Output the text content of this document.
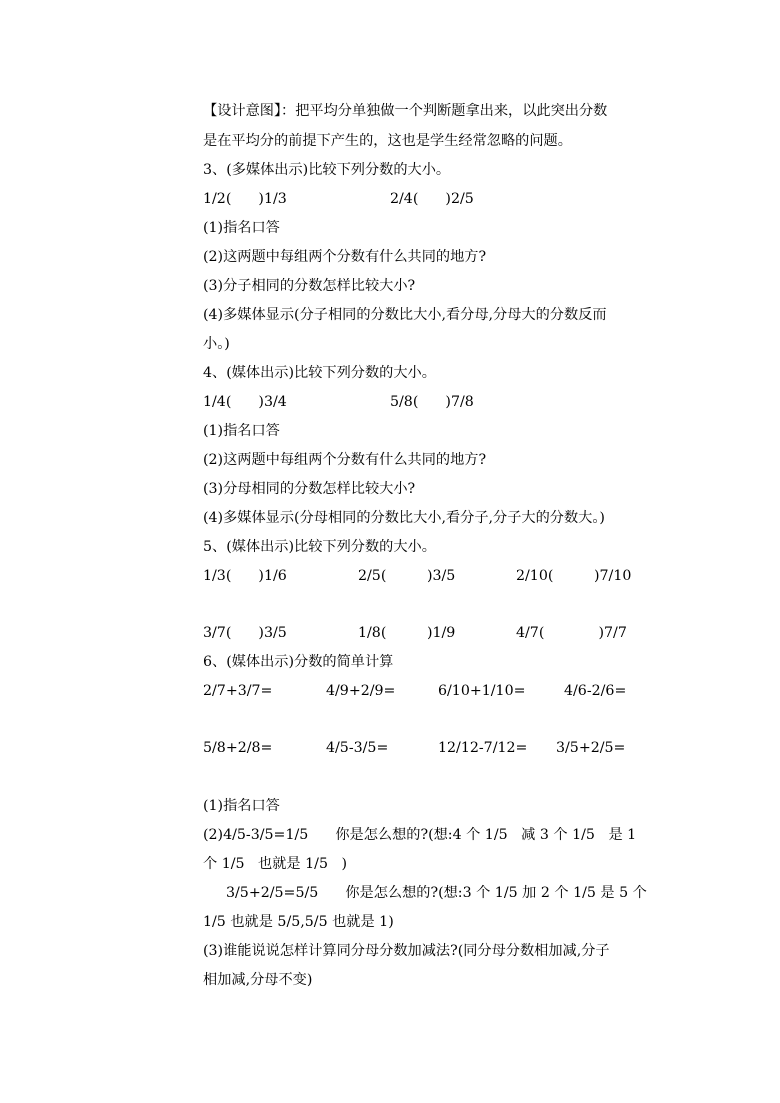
【设计意图】：把平均分单独做一个判断题拿出来，以此突出分数
是在平均分的前提下产生的，这也是学生经常忽略的问题。
3、(多媒体出示)比较下列分数的大小。
1/2(      )1/3	2/4(      )2/5
(1)指名口答
(2)这两题中每组两个分数有什么共同的地方?
(3)分子相同的分数怎样比较大小?
(4)多媒体显示(分子相同的分数比大小,看分母,分母大的分数反而
小。)
4、(媒体出示)比较下列分数的大小。
1/4(      )3/4	5/8(      )7/8
(1)指名口答
(2)这两题中每组两个分数有什么共同的地方?
(3)分母相同的分数怎样比较大小?
(4)多媒体显示(分母相同的分数比大小,看分子,分子大的分数大。)
5、(媒体出示)比较下列分数的大小。
1/3(      )1/6	2/5(         )3/5	2/10(         )7/10
3/7(      )3/5	1/8(         )1/9	4/7(            )7/7
6、(媒体出示)分数的简单计算
2/7+3/7=	4/9+2/9=	6/10+1/10=	4/6-2/6=
5/8+2/8=	4/5-3/5=	12/12-7/12= 3/5+2/5=
(1)指名口答
(2)4/5-3/5=1/5      你是怎么想的?(想:4 个 1/5   减 3 个 1/5   是 1
个 1/5   也就是 1/5   )
3/5+2/5=5/5      你是怎么想的?(想:3 个 1/5 加 2 个 1/5 是 5 个
1/5 也就是 5/5,5/5 也就是 1)
(3)谁能说说怎样计算同分母分数加减法?(同分母分数相加减,分子
相加减,分母不变)
